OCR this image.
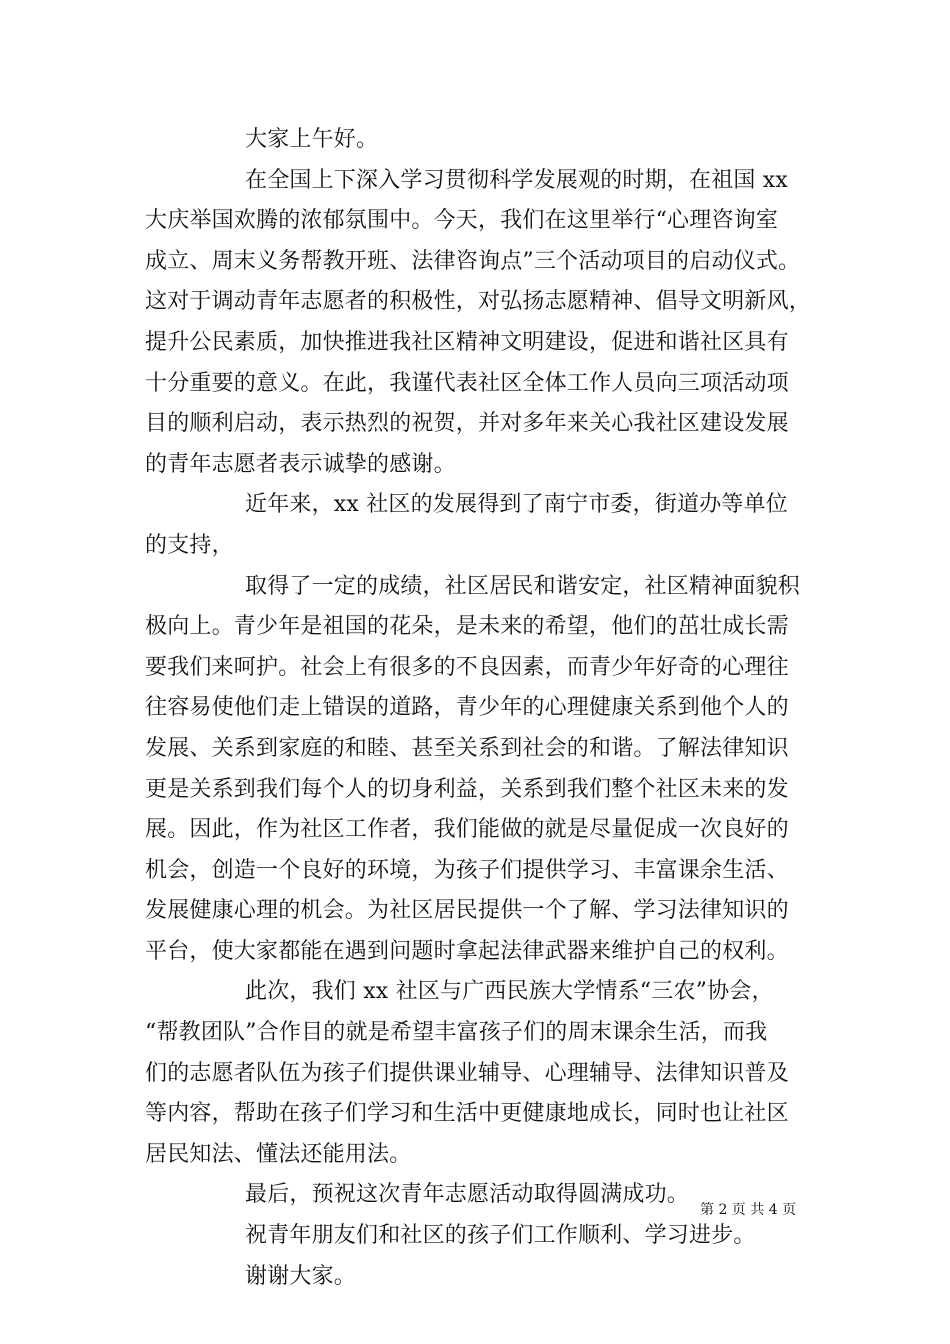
大家上午好。
在全国上下深入学习贯彻科学发展观的时期，在祖国 xx
大庆举国欢腾的浓郁氛围中。今天，我们在这里举行“心理咨询室
成立、周末义务帮教开班、法律咨询点”三个活动项目的启动仪式。
这对于调动青年志愿者的积极性，对弘扬志愿精神、倡导文明新风，
提升公民素质，加快推进我社区精神文明建设，促进和谐社区具有
十分重要的意义。在此，我谨代表社区全体工作人员向三项活动项
目的顺利启动，表示热烈的祝贺，并对多年来关心我社区建设发展
的青年志愿者表示诚挚的感谢。
近年来，xx 社区的发展得到了南宁市委，街道办等单位
的支持，
取得了一定的成绩，社区居民和谐安定，社区精神面貌积
极向上。青少年是祖国的花朵，是未来的希望，他们的茁壮成长需
要我们来呵护。社会上有很多的不良因素，而青少年好奇的心理往
往容易使他们走上错误的道路，青少年的心理健康关系到他个人的
发展、关系到家庭的和睦、甚至关系到社会的和谐。了解法律知识
更是关系到我们每个人的切身利益，关系到我们整个社区未来的发
展。因此，作为社区工作者，我们能做的就是尽量促成一次良好的
机会，创造一个良好的环境，为孩子们提供学习、丰富课余生活、
发展健康心理的机会。为社区居民提供一个了解、学习法律知识的
平台，使大家都能在遇到问题时拿起法律武器来维护自己的权利。
此次，我们 xx 社区与广西民族大学情系“三农”协会，
“帮教团队”合作目的就是希望丰富孩子们的周末课余生活，而我
们的志愿者队伍为孩子们提供课业辅导、心理辅导、法律知识普及
等内容，帮助在孩子们学习和生活中更健康地成长，同时也让社区
居民知法、懂法还能用法。
最后，预祝这次青年志愿活动取得圆满成功。
祝青年朋友们和社区的孩子们工作顺利、学习进步。
谢谢大家。
第 2 页 共 4 页
